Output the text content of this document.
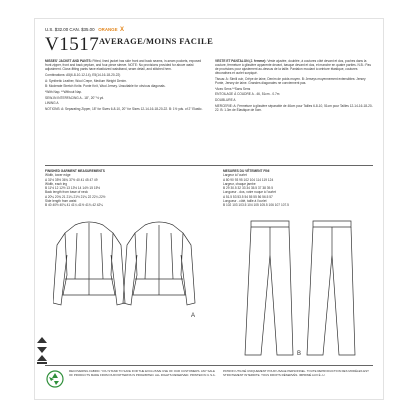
U.S. $32.00 CAN. $35.00 ORANGE X
V1517 AVERAGE/MOINS FACILE

MISSES' JACKET AND PANTS: Fitted, lined jacket has side front and back seams, in-seam pockets, exposed front zipper, front and back peplum, and four-piece sleeve. NOTE: No provisions provided for above waist adjustment. Close-fitting pants have elasticized waistband, seam detail, and stitched hem.

Combinations: A5(6-8-10-12-14), E5(14-16-18-20-22)

A: Synthetic Leather, Wool Crepe, Medium Weight Denim.

B: Moderate Stretch Knits: Ponte Knit, Wool Jersey. Unsuitable for obvious diagonals.

*With Nap. **Without Nap.

SEW-IN INTERFACING A - 18", 20" ½ yd.

LINING A

NOTIONS: A: Separating Zipper, 18" for Sizes 6-8-10, 20" for Sizes 12-14-16-18-20-22. B: 1½ yds. of 2" Elastic.

VESTE ET PANTALON (J. femme): Veste ajustée, doublée, à coutures côté devant et dos, poches dans la couture, fermeture à glissière apparente devant, basque devant et dos, et manche en quatre parties. N.B.: Pas de provisions pour ajustement au-dessus de la taille. Pantalon moulant à ceinture élastique, coutures décoratives et ourlet surpiqué.

Tissus: A: Simili cuir, Crêpe de laine, Denim de poids moyen. B: Jerseys moyennement extensibles: Jersey Ponte, Jersey de laine. Grandes diagonales ne conviennent pas.

*Avec Sens **Sans Sens

ENTOILAGE À COUDRE A - 46, 51cm - 0.7m

DOUBLURE A

MERCERIE: A: Fermeture à glissière séparable de 46cm pour Tailles 6-8-10, 51cm pour Tailles 12-14-16-18-20-22. B: 1.3m de Élastique de 5cm.

FINISHED GARMENT MEASUREMENTS
Width, lower edge
A 31½ 35½ 36¾ 37½ 40 41 45 47 49
Width, each leg
B 11½ 12 12½ 13 13½ 14 14½ 15 15½
Back length from base of neck
A 20¼ 20¾ 21 21¼ 21½ 21¾ 22 22¼ 22½
Side length from waist
B 40 40½ 40¾ 41 41¼ 41½ 41¾ 42 42¼
MESURES DU VÊTEMENT FINI
Largeur à l'ourlet
A 80 90 93 95 102 104 114 119 124
Largeur, chaque jambe
B 29 30.5 32 33 34 35.5 37 38 39.5
Longueur - dos, votre nuque à l'ourlet
A 51.5 53 53.5 54 55 55 56 56.5 57
Longueur - côté, taille à l'ourlet
B 102 103 103.5 104 105 105.5 106 107 107.5
A
B
RECOVERING FABRIC: YOU STAND TO SAVE FOR THE EXCLUSIVE USE OF OUR CUSTOMERS. ANY SALE OF PRODUCTS MADE FROM OUR PATTERNS IS PROHIBITED. ALL RIGHTS RESERVED. PRINTED IN U.S.A.
PATRON UTILISÉ UNIQUEMENT POUR USAGE PERSONNEL. TOUTE REPRODUCTION DES MODÈLES EST STRICTEMENT INTERDITE. TOUS DROITS RÉSERVÉS. IMPRIMÉ AUX É.-U.
